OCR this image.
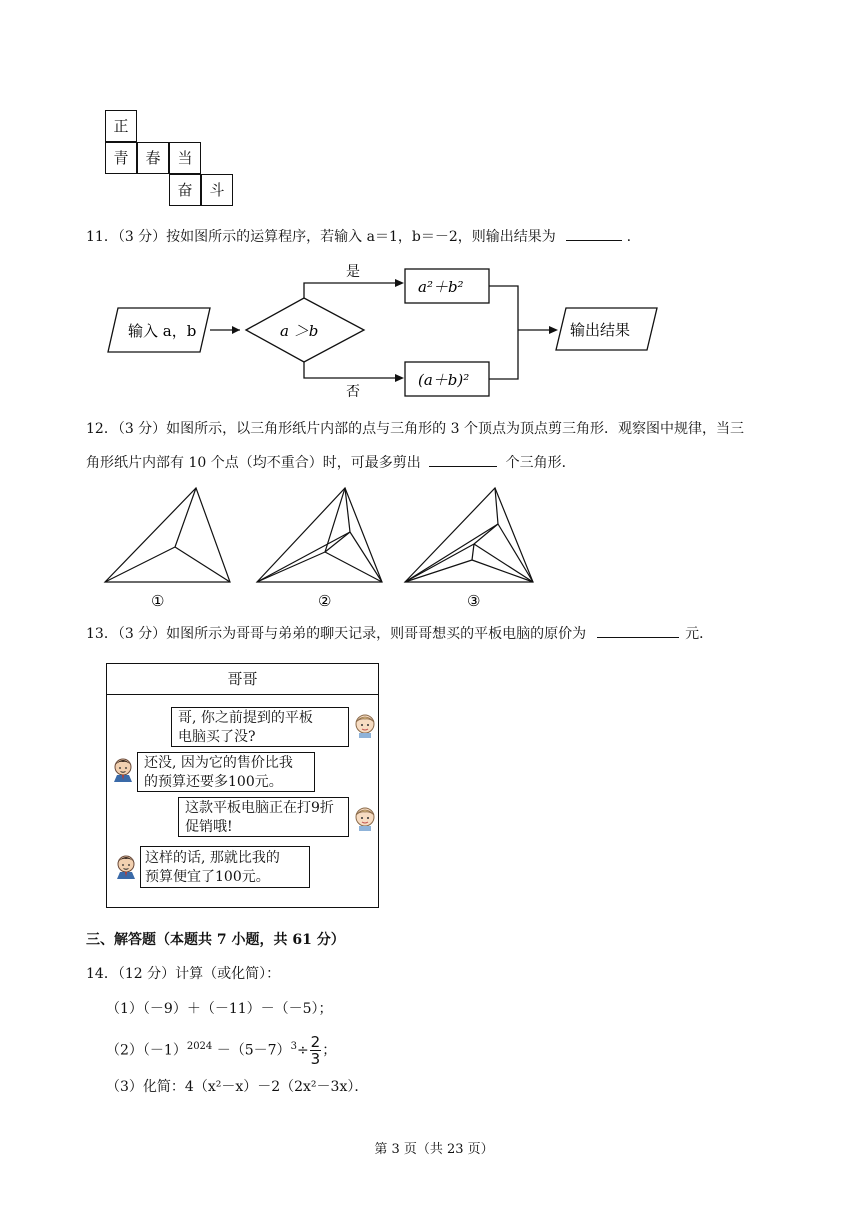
正
青	春	当
奋	斗
11．（3 分）按如图所示的运算程序，若输入 a＝1，b＝－2，则输出结果为	.
输入 a，b	a ＞b
是
否
a²＋b²
(a＋b)²
输出结果
12．（3 分）如图所示，以三角形纸片内部的点与三角形的 3 个顶点为顶点剪三角形．观察图中规律，当三
角形纸片内部有 10 个点（均不重合）时，可最多剪出	个三角形．
①	②	③
13．（3 分）如图所示为哥哥与弟弟的聊天记录，则哥哥想买的平板电脑的原价为	元．
哥哥
哥, 你之前提到的平板
电脑买了没?
还没, 因为它的售价比我
的预算还要多100元。
这款平板电脑正在打9折
促销哦!
这样的话, 那就比我的
预算便宜了100元。
三、解答题（本题共 7 小题，共 61 分）
14．（12 分）计算（或化简）：
（1）（－9）＋（－11）－（－5）；
$(2)(-1)^{2024} -(5-7)^3\div \frac{2}{3}$ ；
（3）化简：4（x²－x）－2（2x²－3x）．
第 3 页（共 23 页）
